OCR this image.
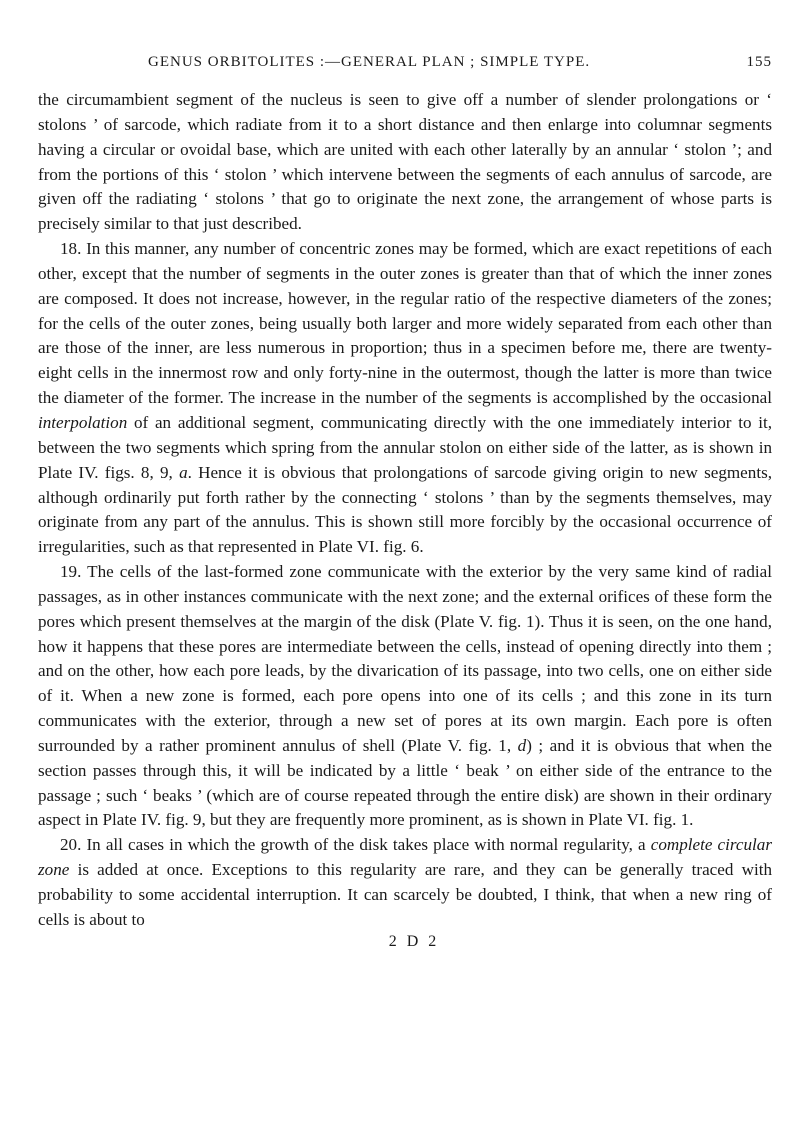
GENUS ORBITOLITES :—GENERAL PLAN ; SIMPLE TYPE.	155

the circumambient segment of the nucleus is seen to give off a number of slender prolongations or ‘ stolons ’ of sarcode, which radiate from it to a short distance and then enlarge into columnar segments having a circular or ovoidal base, which are united with each other laterally by an annular ‘ stolon ’; and from the portions of this ‘ stolon ’ which intervene between the segments of each annulus of sarcode, are given off the radiating ‘ stolons ’ that go to originate the next zone, the arrangement of whose parts is precisely similar to that just described.

18. In this manner, any number of concentric zones may be formed, which are exact repetitions of each other, except that the number of segments in the outer zones is greater than that of which the inner zones are composed. It does not increase, however, in the regular ratio of the respective diameters of the zones; for the cells of the outer zones, being usually both larger and more widely separated from each other than are those of the inner, are less numerous in proportion; thus in a specimen before me, there are twenty-eight cells in the innermost row and only forty-nine in the outermost, though the latter is more than twice the diameter of the former. The increase in the number of the segments is accomplished by the occasional interpolation of an additional segment, communicating directly with the one immediately interior to it, between the two segments which spring from the annular stolon on either side of the latter, as is shown in Plate IV. figs. 8, 9, a. Hence it is obvious that prolongations of sarcode giving origin to new segments, although ordinarily put forth rather by the connecting ‘ stolons ’ than by the segments themselves, may originate from any part of the annulus. This is shown still more forcibly by the occasional occurrence of irregularities, such as that represented in Plate VI. fig. 6.

19. The cells of the last-formed zone communicate with the exterior by the very same kind of radial passages, as in other instances communicate with the next zone; and the external orifices of these form the pores which present themselves at the margin of the disk (Plate V. fig. 1). Thus it is seen, on the one hand, how it happens that these pores are intermediate between the cells, instead of opening directly into them ; and on the other, how each pore leads, by the divarication of its passage, into two cells, one on either side of it. When a new zone is formed, each pore opens into one of its cells ; and this zone in its turn communicates with the exterior, through a new set of pores at its own margin. Each pore is often surrounded by a rather prominent annulus of shell (Plate V. fig. 1, d) ; and it is obvious that when the section passes through this, it will be indicated by a little ‘ beak ’ on either side of the entrance to the passage ; such ‘ beaks ’ (which are of course repeated through the entire disk) are shown in their ordinary aspect in Plate IV. fig. 9, but they are frequently more prominent, as is shown in Plate VI. fig. 1.

20. In all cases in which the growth of the disk takes place with normal regularity, a complete circular zone is added at once. Exceptions to this regularity are rare, and they can be generally traced with probability to some accidental interruption. It can scarcely be doubted, I think, that when a new ring of cells is about to

2 D 2
